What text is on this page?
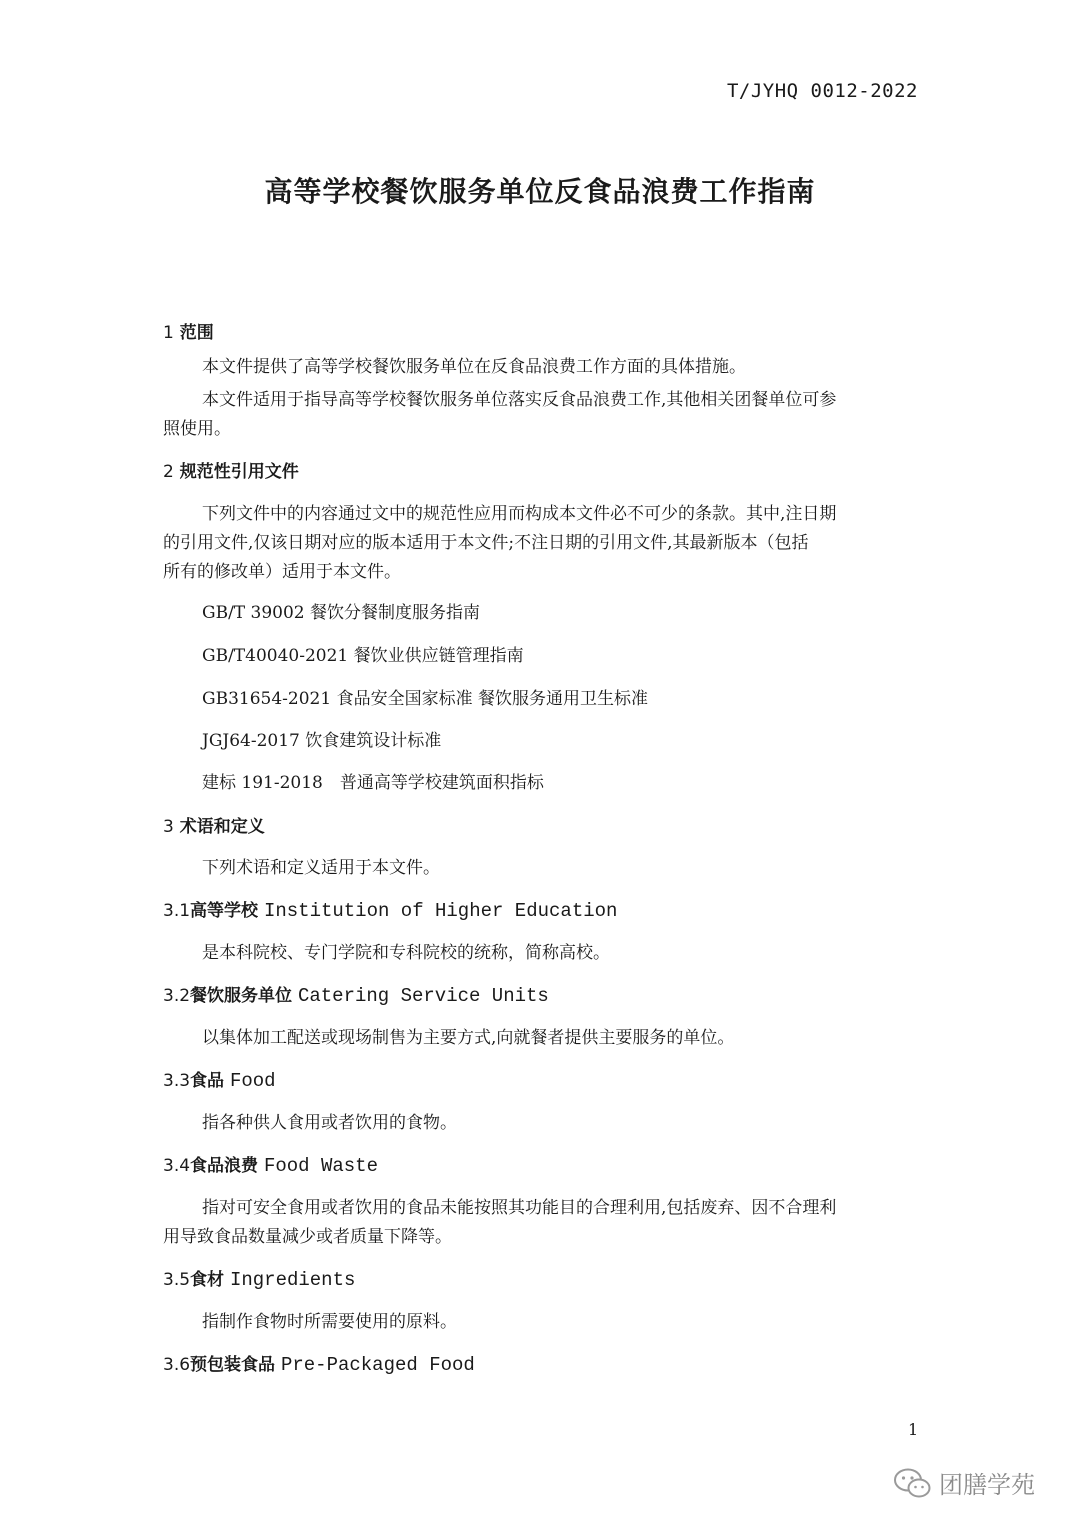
T/JYHQ 0012-2022
高等学校餐饮服务单位反食品浪费工作指南
1 范围
本文件提供了高等学校餐饮服务单位在反食品浪费工作方面的具体措施。
本文件适用于指导高等学校餐饮服务单位落实反食品浪费工作,其他相关团餐单位可参
照使用。
2 规范性引用文件
下列文件中的内容通过文中的规范性应用而构成本文件必不可少的条款。其中,注日期
的引用文件,仅该日期对应的版本适用于本文件;不注日期的引用文件,其最新版本（包括
所有的修改单）适用于本文件。
GB/T 39002 餐饮分餐制度服务指南
GB/T40040-2021 餐饮业供应链管理指南
GB31654-2021 食品安全国家标准 餐饮服务通用卫生标准
JGJ64-2017 饮食建筑设计标准
建标 191-2018　普通高等学校建筑面积指标
3 术语和定义
下列术语和定义适用于本文件。
3.1高等学校 Institution of Higher Education
是本科院校、专门学院和专科院校的统称，简称高校。
3.2餐饮服务单位 Catering Service Units
以集体加工配送或现场制售为主要方式,向就餐者提供主要服务的单位。
3.3食品 Food
指各种供人食用或者饮用的食物。
3.4食品浪费 Food Waste
指对可安全食用或者饮用的食品未能按照其功能目的合理利用,包括废弃、因不合理利
用导致食品数量减少或者质量下降等。
3.5食材 Ingredients
指制作食物时所需要使用的原料。
3.6预包装食品 Pre-Packaged Food
1
团膳学苑
